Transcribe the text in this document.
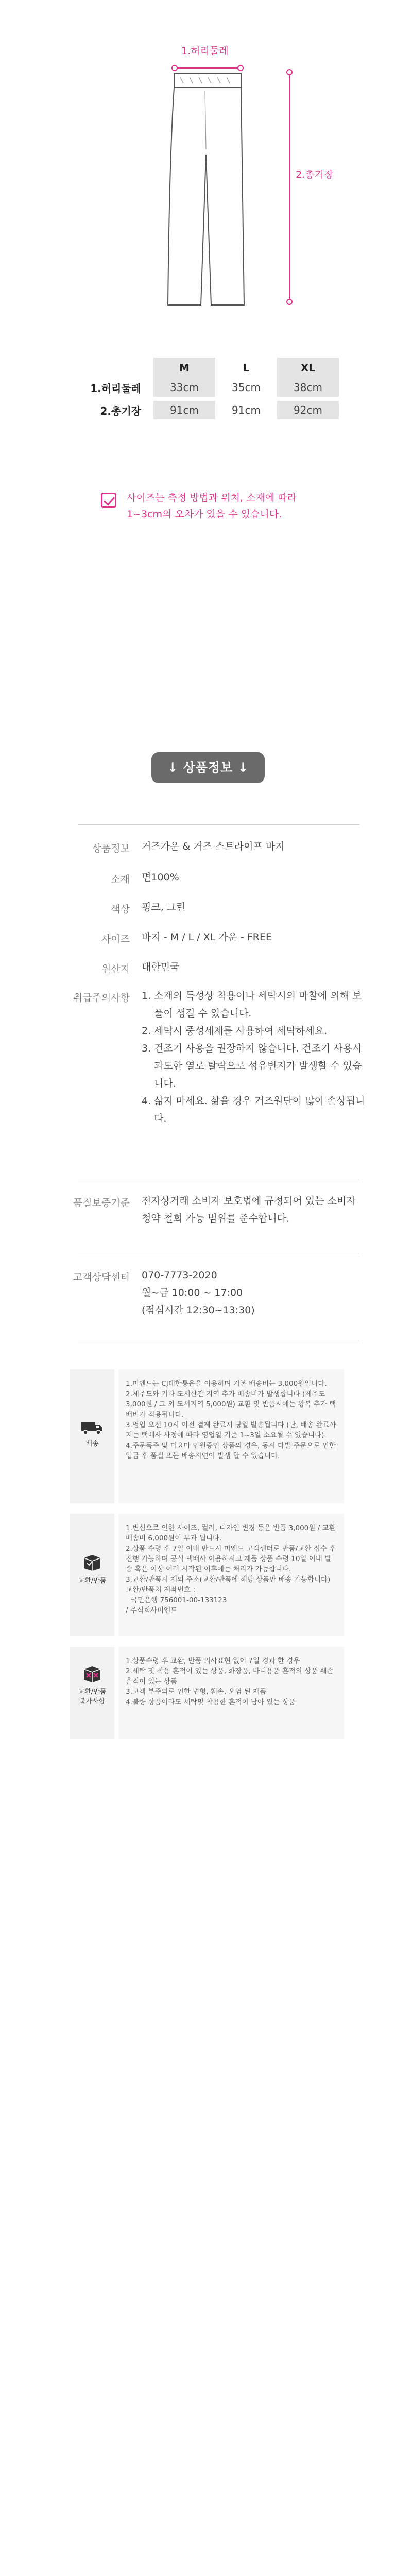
1.허리둘레
2.총기장
	M	L	XL
1.허리둘레	33cm	35cm	38cm
2.총기장	91cm	91cm	92cm

사이즈는 측정 방법과 위치, 소재에 따라

1~3cm의 오차가 있을 수 있습니다.

↓ 상품정보 ↓
상품정보 거즈가운 & 거즈 스트라이프 바지
소재 면100%
색상 핑크, 그린
사이즈 바지 - M / L / XL 가운 - FREE
원산지 대한민국
취급주의사항 1. 소재의 특성상 착용이나 세탁시의 마찰에 의해 보풀이 생길 수 있습니다.
2. 세탁시 중성세제를 사용하여 세탁하세요.
3. 건조기 사용을 권장하지 않습니다. 건조기 사용시 과도한 열로 탈락으로 섬유변지가 발생할 수 있습니다.
4. 삶지 마세요. 삶을 경우 거즈원단이 많이 손상됩니다.
품질보증기준 전자상거래 소비자 보호법에 규정되어 있는 소비자 청약 철회 가능 범위를 준수합니다.
고객상담센터 070-7773-2020
월~금 10:00 ~ 17:00
(점심시간 12:30~13:30)
배송
1.미엔드는 CJ대한통운을 이용하며 기본 배송비는 3,000원입니다.
2.제주도와 기타 도서산간 지역 추가 배송비가 발생합니다 (제주도 3,000원 / 그 외 도서지역 5,000원) 교환 및 반품시에는 왕복 추가 택배비가 적용됩니다.
3.영업 오전 10시 이전 결제 완료시 당일 발송됩니다 (단, 배송 완료까지는 택배사 사정에 따라 영업일 기준 1~3일 소요될 수 있습니다).
4.주문폭주 및 미요마 인원증인 상품의 경우, 동시 다발 주문으로 인한 입금 후 품절 또는 배송지연이 발생 할 수 있습니다.
교환/반품
1.변심으로 인한 사이즈, 컬러, 디자인 변경 등은 반품 3,000원 / 교환 배송비 6,000원이 부과 됩니다.
2.상품 수령 후 7일 이내 반드시 미엔드 고객센터로 반품/교환 접수 후 진행 가능하며 공식 택배사 이용하시고 제품 상품 수령 10일 이내 발송 혹은 이상 여러 시작된 이후에는 처리가 가능합니다.
3.교환/반품시 제외 주소(교환/반품에 해당 상품만 배송 가능합니다)
교환/반품처 계좌번호 :
국민은행 756001-00-133123
/ 주식회사미엔드
교환/반품
불가사항
1.상품수령 후 교환, 반품 의사표현 없이 7일 경과 한 경우
2.세탁 및 착용 흔적이 있는 상품, 화장품, 바디용품 흔적의 상품 훼손 흔적이 있는 상품
3.고객 부주의로 인한 변형, 훼손, 오염 된 제품
4.불량 상품이라도 세탁및 착용한 흔적이 남아 있는 상품
